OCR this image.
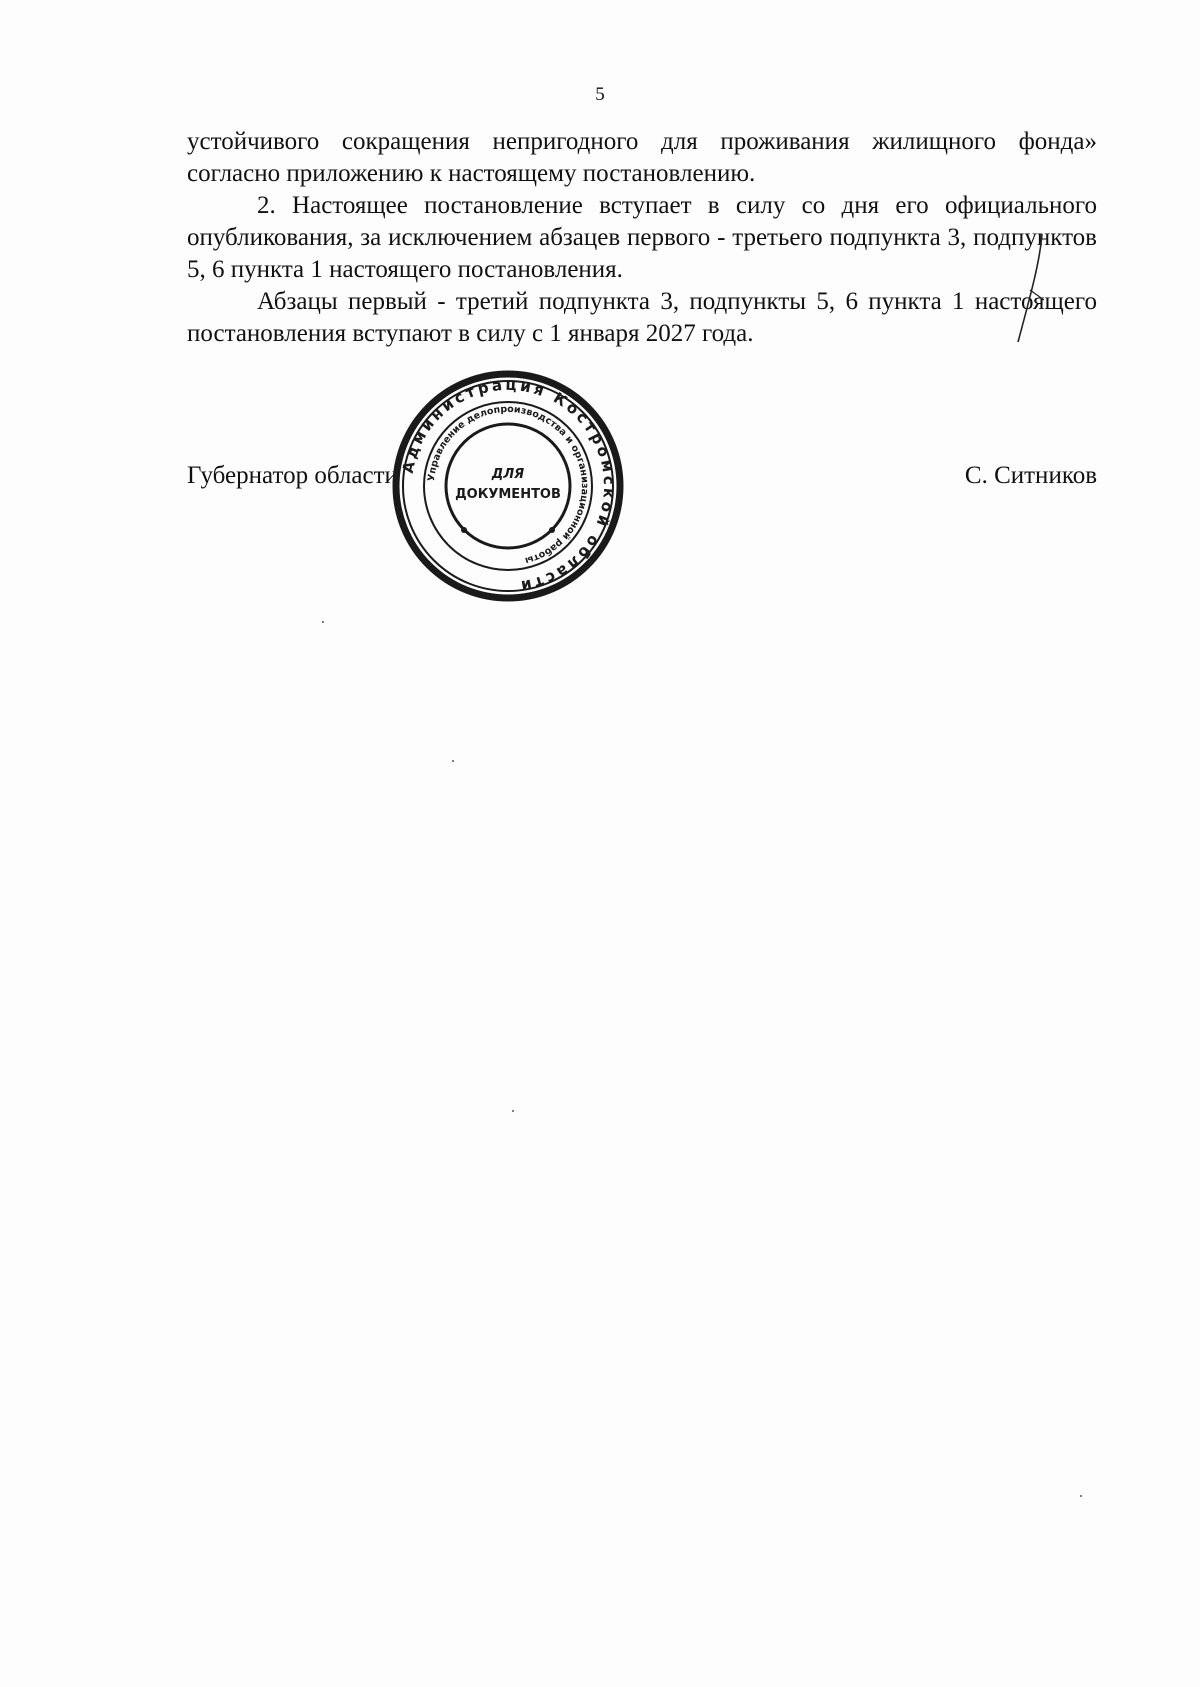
5

устойчивого сокращения непригодного для проживания жилищного фонда» согласно приложению к настоящему постановлению.

2. Настоящее постановление вступает в силу со дня его официального опубликования, за исключением абзацев первого - третьего подпункта 3, подпунктов 5, 6 пункта 1 настоящего постановления.

Абзацы первый - третий подпункта 3, подпункты 5, 6 пункта 1 настоящего постановления вступают в силу с 1 января 2027 года.

Губернатор области	С. Ситников
Администрация Костромской области
Управление делопроизводства и организационной работы
ДЛЯ
ДОКУМЕНТОВ
